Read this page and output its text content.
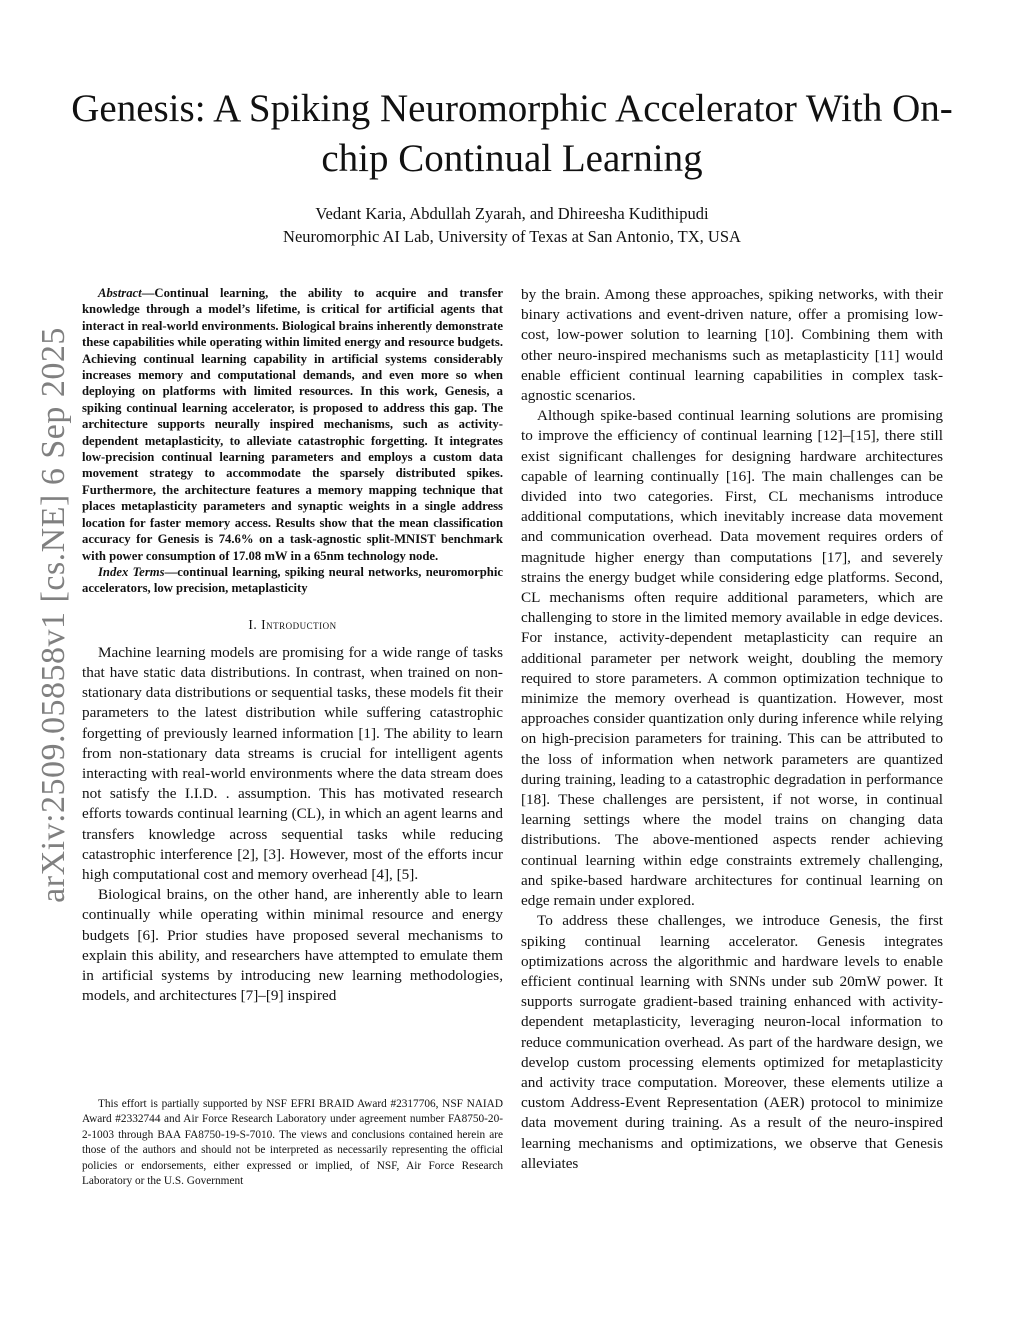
arXiv:2509.05858v1 [cs.NE] 6 Sep 2025
Genesis: A Spiking Neuromorphic Accelerator With On-chip Continual Learning
Vedant Karia, Abdullah Zyarah, and Dhireesha Kudithipudi
Neuromorphic AI Lab, University of Texas at San Antonio, TX, USA

Abstract—Continual learning, the ability to acquire and transfer knowledge through a model’s lifetime, is critical for artificial agents that interact in real-world environments. Biological brains inherently demonstrate these capabilities while operating within limited energy and resource budgets. Achieving continual learning capability in artificial systems considerably increases memory and computational demands, and even more so when deploying on platforms with limited resources. In this work, Genesis, a spiking continual learning accelerator, is proposed to address this gap. The architecture supports neurally inspired mechanisms, such as activity-dependent metaplasticity, to alleviate catastrophic forgetting. It integrates low-precision continual learning parameters and employs a custom data movement strategy to accommodate the sparsely distributed spikes. Furthermore, the architecture features a memory mapping technique that places metaplasticity parameters and synaptic weights in a single address location for faster memory access. Results show that the mean classification accuracy for Genesis is 74.6% on a task-agnostic split-MNIST benchmark with power consumption of 17.08 mW in a 65nm technology node.

Index Terms—continual learning, spiking neural networks, neuromorphic accelerators, low precision, metaplasticity

I. Introduction

Machine learning models are promising for a wide range of tasks that have static data distributions. In contrast, when trained on non-stationary data distributions or sequential tasks, these models fit their parameters to the latest distribution while suffering catastrophic forgetting of previously learned information [1]. The ability to learn from non-stationary data streams is crucial for intelligent agents interacting with real-world environments where the data stream does not satisfy the I.I.D. . assumption. This has motivated research efforts towards continual learning (CL), in which an agent learns and transfers knowledge across sequential tasks while reducing catastrophic interference [2], [3]. However, most of the efforts incur high computational cost and memory overhead [4], [5].

Biological brains, on the other hand, are inherently able to learn continually while operating within minimal resource and energy budgets [6]. Prior studies have proposed several mechanisms to explain this ability, and researchers have attempted to emulate them in artificial systems by introducing new learning methodologies, models, and architectures [7]–[9] inspired

by the brain. Among these approaches, spiking networks, with their binary activations and event-driven nature, offer a promising low-cost, low-power solution to learning [10]. Combining them with other neuro-inspired mechanisms such as metaplasticity [11] would enable efficient continual learning capabilities in complex task-agnostic scenarios.

Although spike-based continual learning solutions are promising to improve the efficiency of continual learning [12]–[15], there still exist significant challenges for designing hardware architectures capable of learning continually [16]. The main challenges can be divided into two categories. First, CL mechanisms introduce additional computations, which inevitably increase data movement and communication overhead. Data movement requires orders of magnitude higher energy than computations [17], and severely strains the energy budget while considering edge platforms. Second, CL mechanisms often require additional parameters, which are challenging to store in the limited memory available in edge devices. For instance, activity-dependent metaplasticity can require an additional parameter per network weight, doubling the memory required to store parameters. A common optimization technique to minimize the memory overhead is quantization. However, most approaches consider quantization only during inference while relying on high-precision parameters for training. This can be attributed to the loss of information when network parameters are quantized during training, leading to a catastrophic degradation in performance [18]. These challenges are persistent, if not worse, in continual learning settings where the model trains on changing data distributions. The above-mentioned aspects render achieving continual learning within edge constraints extremely challenging, and spike-based hardware architectures for continual learning on edge remain under explored.

To address these challenges, we introduce Genesis, the first spiking continual learning accelerator. Genesis integrates optimizations across the algorithmic and hardware levels to enable efficient continual learning with SNNs under sub 20mW power. It supports surrogate gradient-based training enhanced with activity-dependent metaplasticity, leveraging neuron-local information to reduce communication overhead. As part of the hardware design, we develop custom processing elements optimized for metaplasticity and activity trace computation. Moreover, these elements utilize a custom Address-Event Representation (AER) protocol to minimize data movement during training. As a result of the neuro-inspired learning mechanisms and optimizations, we observe that Genesis alleviates

This effort is partially supported by NSF EFRI BRAID Award #2317706, NSF NAIAD Award #2332744 and Air Force Research Laboratory under agreement number FA8750-20-2-1003 through BAA FA8750-19-S-7010. The views and conclusions contained herein are those of the authors and should not be interpreted as necessarily representing the official policies or endorsements, either expressed or implied, of NSF, Air Force Research Laboratory or the U.S. Government
